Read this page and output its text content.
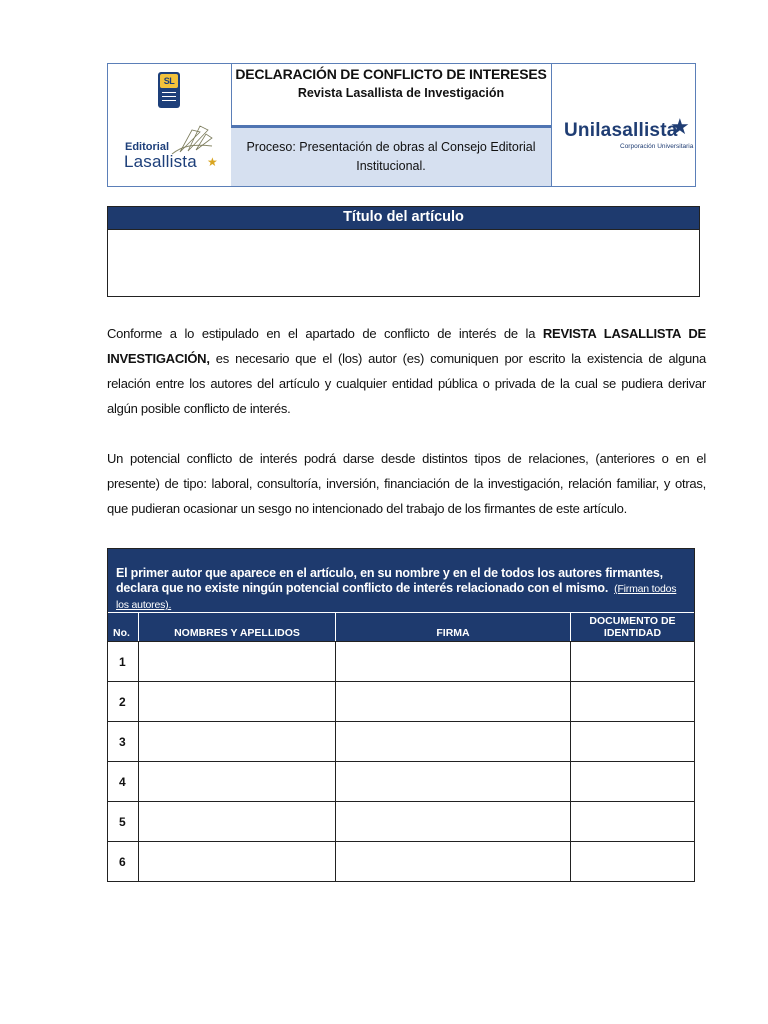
SL
Editorial
Lasallista ★
DECLARACIÓN DE CONFLICTO DE INTERESES
Revista Lasallista de Investigación
Proceso: Presentación de obras al Consejo Editorial Institucional.
Unilasallista
★
Corporación Universitaria
Título del artículo
Conforme a lo estipulado en el apartado de conflicto de interés de la REVISTA LASALLISTA DE INVESTIGACIÓN, es necesario que el (los) autor (es) comuniquen por escrito la existencia de alguna relación entre los autores del artículo y cualquier entidad pública o privada de la cual se pudiera derivar algún posible conflicto de interés.
Un potencial conflicto de interés podrá darse desde distintos tipos de relaciones, (anteriores o en el presente) de tipo: laboral, consultoría, inversión, financiación de la investigación, relación familiar, y otras, que pudieran ocasionar un sesgo no intencionado del trabajo de los firmantes de este artículo.
El primer autor que aparece en el artículo, en su nombre y en el de todos los autores firmantes, declara que no existe ningún potencial conflicto de interés relacionado con el mismo. (Firman todos los autores).
No.	NOMBRES Y APELLIDOS	FIRMA
DOCUMENTO DE IDENTIDAD
1
2
3
4
5
6
